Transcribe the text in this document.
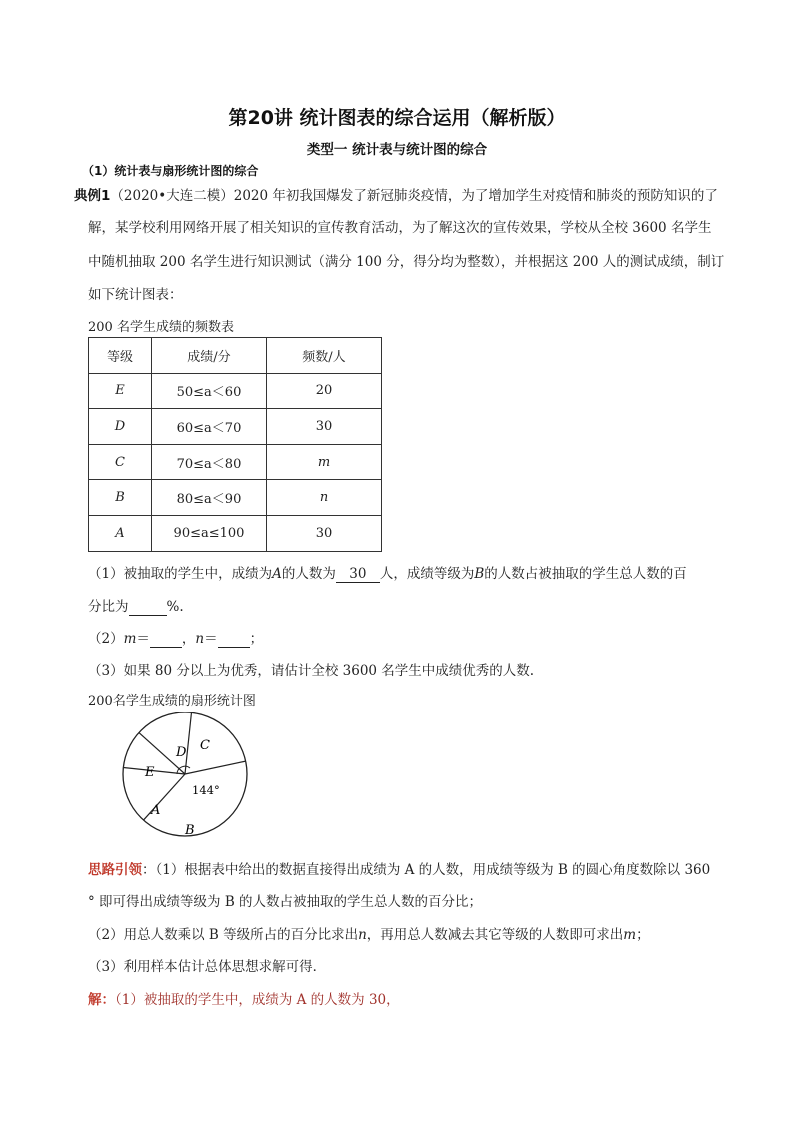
第20讲 统计图表的综合运用（解析版）
类型一 统计表与统计图的综合
（1）统计表与扇形统计图的综合
典例1（2020•大连二模）2020 年初我国爆发了新冠肺炎疫情，为了增加学生对疫情和肺炎的预防知识的了
解，某学校利用网络开展了相关知识的宣传教育活动，为了解这次的宣传效果，学校从全校 3600 名学生
中随机抽取 200 名学生进行知识测试（满分 100 分，得分均为整数），并根据这 200 人的测试成绩，制订
如下统计图表：
200 名学生成绩的频数表
等级	成绩/分	频数/人
E	50≤a＜60	20
D	60≤a＜70	30
C	70≤a＜80	m
B	80≤a＜90	n
A	90≤a≤100	30
（1）被抽取的学生中，成绩为A的人数为 30 人，成绩等级为B的人数占被抽取的学生总人数的百
分比为	%.
（2）m＝ ，n＝ ；
（3）如果 80 分以上为优秀，请估计全校 3600 名学生中成绩优秀的人数.
200名学生成绩的扇形统计图
D C
E
A
B
144°
思路引领：（1）根据表中给出的数据直接得出成绩为 A 的人数，用成绩等级为 B 的圆心角度数除以 360
° 即可得出成绩等级为 B 的人数占被抽取的学生总人数的百分比；
（2）用总人数乘以 B 等级所占的百分比求出n，再用总人数减去其它等级的人数即可求出m；
（3）利用样本估计总体思想求解可得．
解：（1）被抽取的学生中，成绩为 A 的人数为 30，
